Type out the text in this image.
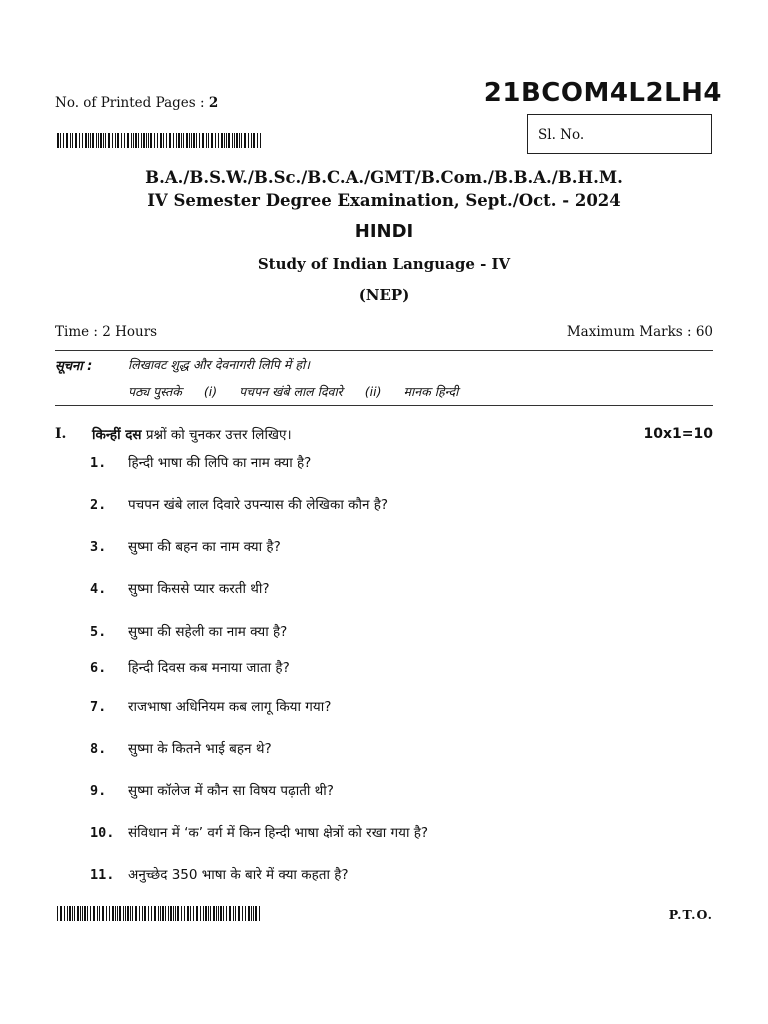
No. of Printed Pages : 2	21BCOM4L2LH4
Sl. No.
B.A./B.S.W./B.Sc./B.C.A./GMT/B.Com./B.B.A./B.H.M.
IV Semester Degree Examination, Sept./Oct. - 2024
HINDI
Study of Indian Language - IV
(NEP)
Time : 2 Hours	Maximum Marks : 60
सूचना :	लिखावट शुद्ध और देवनागरी लिपि में हो।
पठ्य पुस्तके (i) पचपन खंबे लाल दिवारे (ii) मानक हिन्दी
I. किन्हीं दस प्रश्नों को चुनकर उत्तर लिखिए।	10x1=10
1. हिन्दी भाषा की लिपि का नाम क्या है?
2. पचपन खंबे लाल दिवारे उपन्यास की लेखिका कौन है?
3. सुष्मा की बहन का नाम क्या है?
4. सुष्मा किससे प्यार करती थी?
5. सुष्मा की सहेली का नाम क्या है?
6. हिन्दी दिवस कब मनाया जाता है?
7. राजभाषा अधिनियम कब लागू किया गया?
8. सुष्मा के कितने भाई बहन थे?
9. सुष्मा कॉलेज में कौन सा विषय पढ़ाती थी?
10. संविधान में ‘क’ वर्ग में किन हिन्दी भाषा क्षेत्रों को रखा गया है?
11. अनुच्छेद 350 भाषा के बारे में क्या कहता है?
P.T.O.
